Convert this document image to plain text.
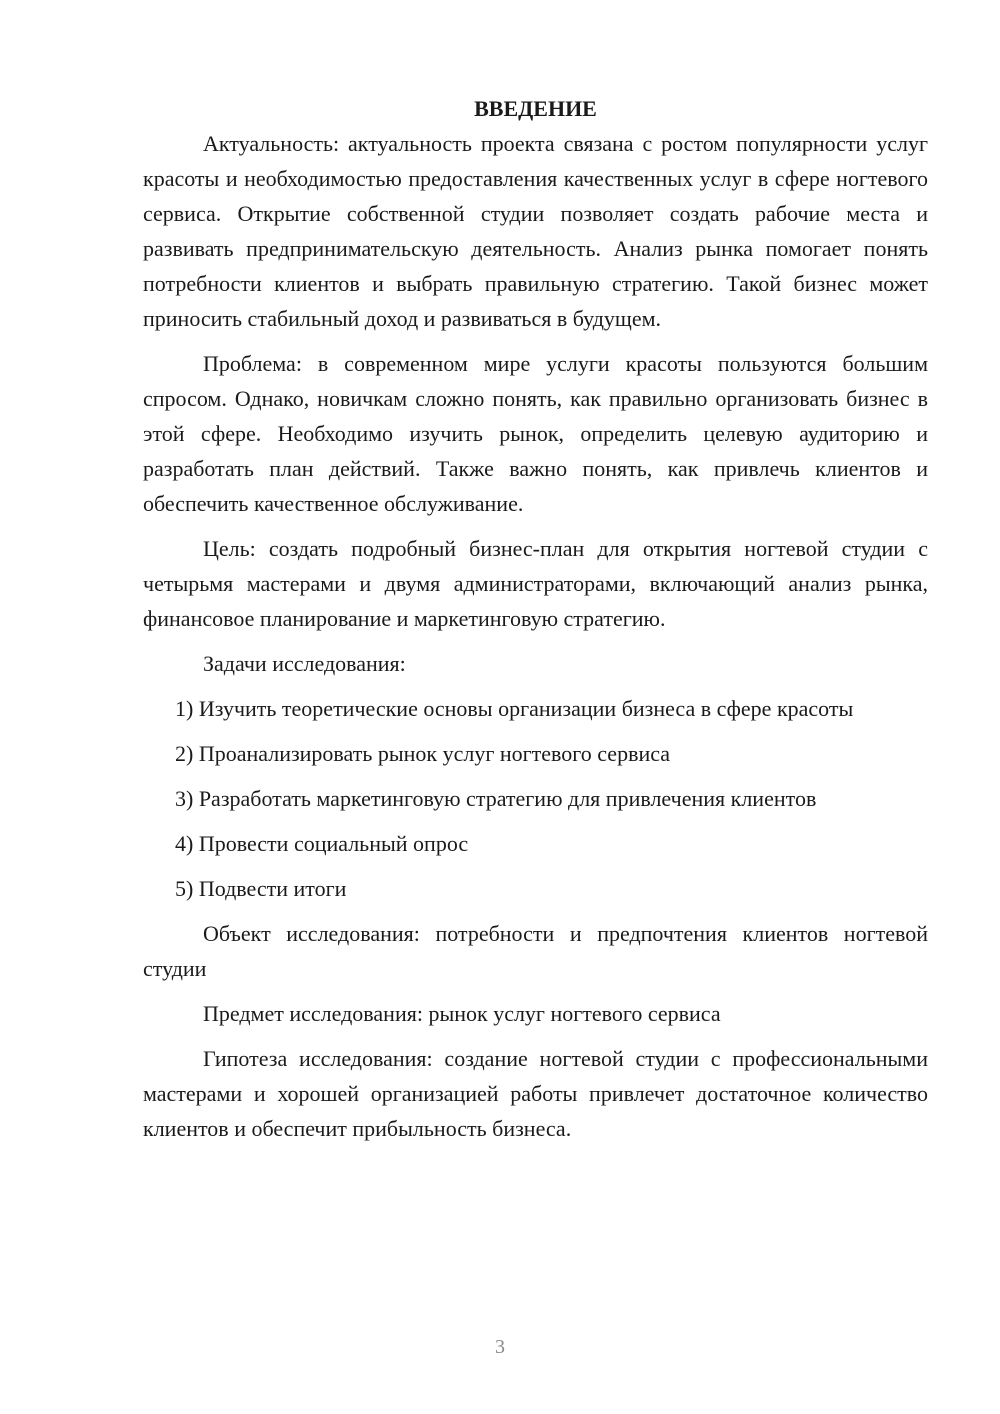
ВВЕДЕНИЕ

Актуальность: актуальность проекта связана с ростом популярности услуг красоты и необходимостью предоставления качественных услуг в сфере ногтевого сервиса. Открытие собственной студии позволяет создать рабочие места и развивать предпринимательскую деятельность. Анализ рынка помогает понять потребности клиентов и выбрать правильную стратегию. Такой бизнес может приносить стабильный доход и развиваться в будущем.

Проблема: в современном мире услуги красоты пользуются большим спросом. Однако, новичкам сложно понять, как правильно организовать бизнес в этой сфере. Необходимо изучить рынок, определить целевую аудиторию и разработать план действий. Также важно понять, как привлечь клиентов и обеспечить качественное обслуживание.

Цель: создать подробный бизнес-план для открытия ногтевой студии с четырьмя мастерами и двумя администраторами, включающий анализ рынка, финансовое планирование и маркетинговую стратегию.

Задачи исследования:

1) Изучить теоретические основы организации бизнеса в сфере красоты

2) Проанализировать рынок услуг ногтевого сервиса

3) Разработать маркетинговую стратегию для привлечения клиентов

4) Провести социальный опрос

5) Подвести итоги

Объект исследования: потребности и предпочтения клиентов ногтевой студии

Предмет исследования: рынок услуг ногтевого сервиса

Гипотеза исследования: создание ногтевой студии с профессиональными мастерами и хорошей организацией работы привлечет достаточное количество клиентов и обеспечит прибыльность бизнеса.

3
